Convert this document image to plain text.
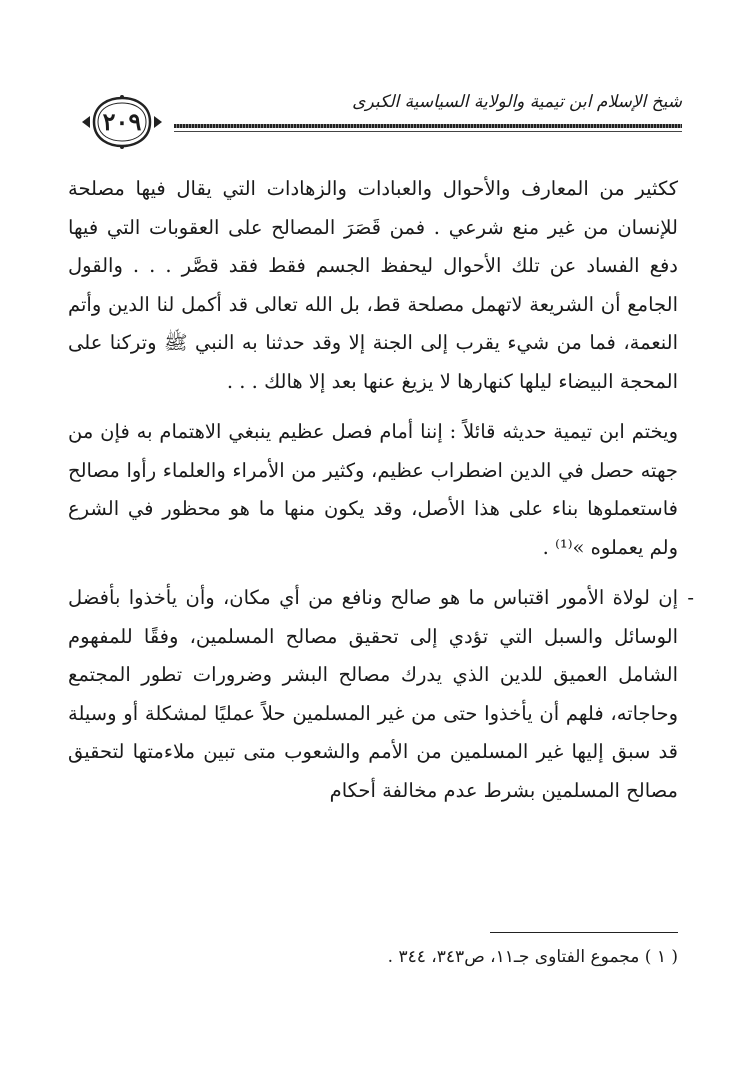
شيخ الإسلام ابن تيمية والولاية السياسية الكبرى
٢٠٩

ككثير من المعارف والأحوال والعبادات والزهادات التي يقال فيها مصلحة للإنسان من غير منع شرعي . فمن قَصَرَ المصالح على العقوبات التي فيها دفع الفساد عن تلك الأحوال ليحفظ الجسم فقط فقد قصَّر . . . والقول الجامع أن الشريعة لاتهمل مصلحة قط، بل الله تعالى قد أكمل لنا الدين وأتم النعمة، فما من شيء يقرب إلى الجنة إلا وقد حدثنا به النبي ﷺ وتركنا على المحجة البيضاء ليلها كنهارها لا يزيغ عنها بعد إلا هالك . . .

ويختم ابن تيمية حديثه قائلاً : إننا أمام فصل عظيم ينبغي الاهتمام به فإن من جهته حصل في الدين اضطراب عظيم، وكثير من الأمراء والعلماء رأوا مصالح فاستعملوها بناء على هذا الأصل، وقد يكون منها ما هو محظور في الشرع ولم يعملوه »⁽¹⁾ .

-
إن لولاة الأمور اقتباس ما هو صالح ونافع من أي مكان، وأن يأخذوا بأفضل الوسائل والسبل التي تؤدي إلى تحقيق مصالح المسلمين، وفقًا للمفهوم الشامل العميق للدين الذي يدرك مصالح البشر وضرورات تطور المجتمع وحاجاته، فلهم أن يأخذوا حتى من غير المسلمين حلاً عمليًا لمشكلة أو وسيلة قد سبق إليها غير المسلمين من الأمم والشعوب متى تبين ملاءمتها لتحقيق مصالح المسلمين بشرط عدم مخالفة أحكام

( ١ ) مجموع الفتاوى جـ١١، ص٣٤٣، ٣٤٤ .
